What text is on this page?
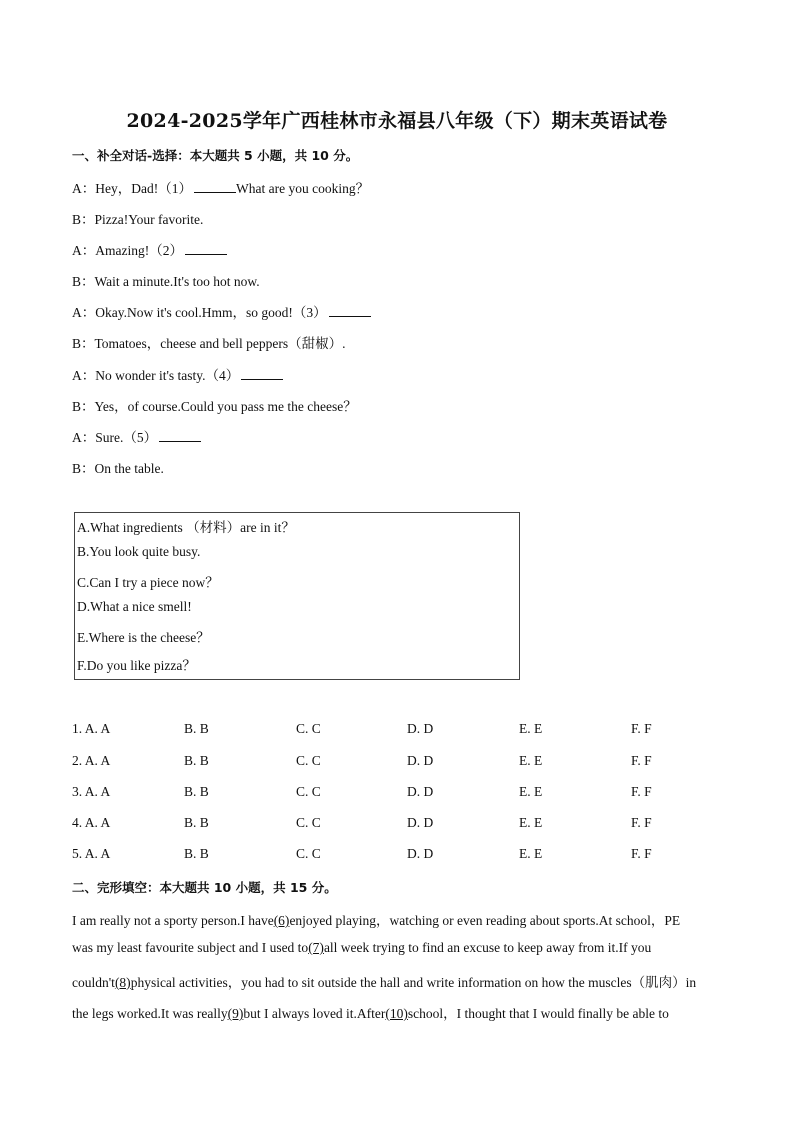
2024-2025学年广西桂林市永福县八年级（下）期末英语试卷
一、补全对话-选择：本大题共 5 小题，共 10 分。
A：Hey，Dad!（1）	What are you cooking？
B：Pizza!Your favorite.
A：Amazing!（2）
B：Wait a minute.It's too hot now.
A：Okay.Now it's cool.Hmm，so good!（3）
B：Tomatoes，cheese and bell peppers（甜椒）.
A：No wonder it's tasty.（4）
B：Yes，of course.Could you pass me the cheese？
A：Sure.（5）
B：On the table.
A.What ingredients （材料）are in it？
B.You look quite busy.
C.Can I try a piece now？
D.What a nice smell!
E.Where is the cheese？
F.Do you like pizza？
1. A. A	B. B	C. C	D. D	E. E	F. F
2. A. A	B. B	C. C	D. D	E. E	F. F
3. A. A	B. B	C. C	D. D	E. E	F. F
4. A. A	B. B	C. C	D. D	E. E	F. F
5. A. A	B. B	C. C	D. D	E. E	F. F
二、完形填空：本大题共 10 小题，共 15 分。
I am really not a sporty person.I have(6)enjoyed playing，watching or even reading about sports.At school，PE
was my least favourite subject and I used to(7)all week trying to find an excuse to keep away from it.If you
couldn't(8)physical activities，you had to sit outside the hall and write information on how the muscles（肌肉）in
the legs worked.It was really(9)but I always loved it.After(10)school，I thought that I would finally be able to
